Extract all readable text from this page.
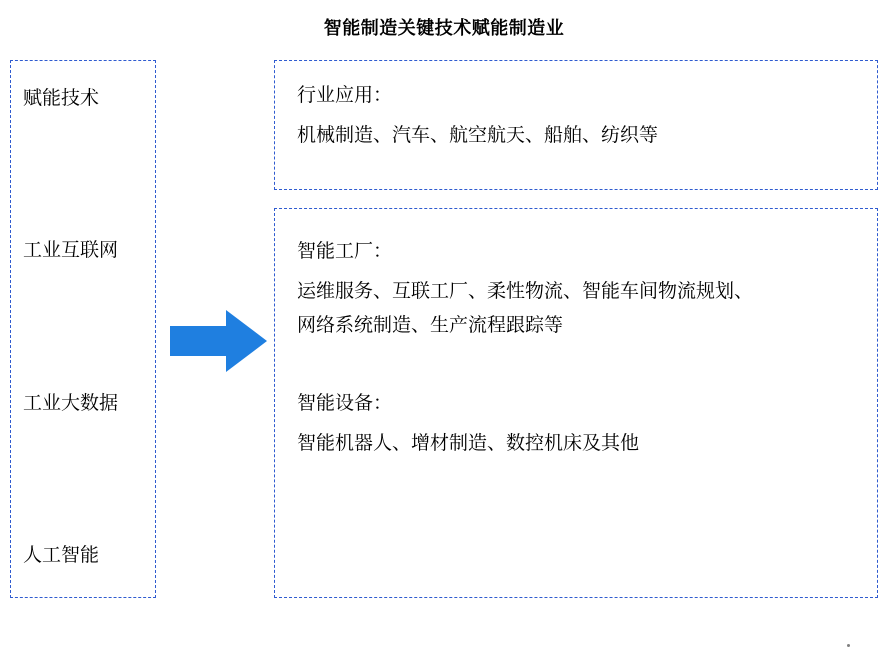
智能制造关键技术赋能制造业
赋能技术
工业互联网
工业大数据
人工智能

行业应用：

机械制造、汽车、航空航天、船舶、纺织等

智能工厂：

运维服务、互联工厂、柔性物流、智能车间物流规划、

网络系统制造、生产流程跟踪等

智能设备：

智能机器人、增材制造、数控机床及其他
